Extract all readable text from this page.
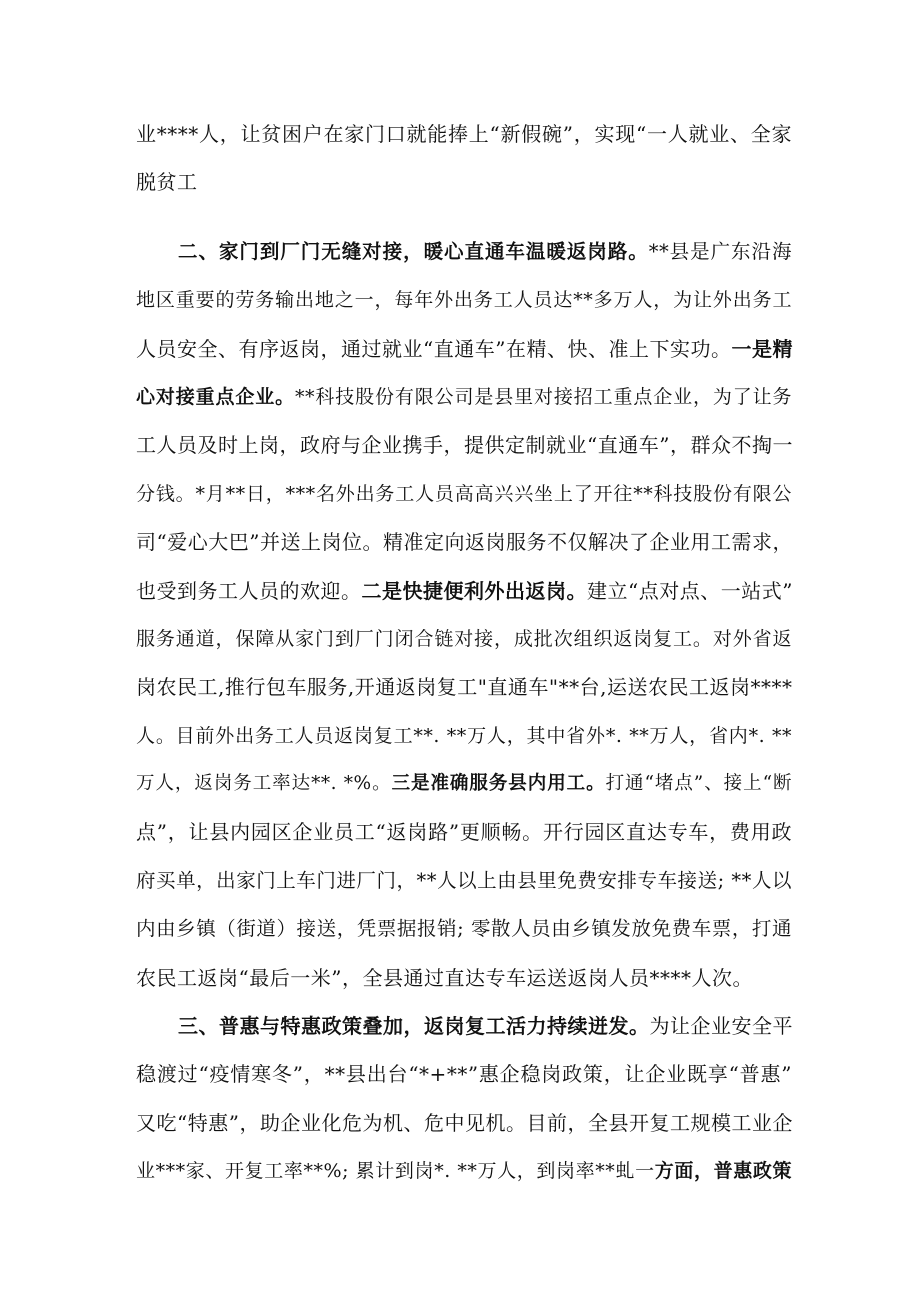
业****人，让贫困户在家门口就能捧上“新假碗”，实现“一人就业、全家
脱贫工
二、家门到厂门无缝对接，暖心直通车温暖返岗路。**县是广东沿海
地区重要的劳务输出地之一，每年外出务工人员达**多万人，为让外出务工
人员安全、有序返岗，通过就业“直通车”在精、快、准上下实功。一是精
心对接重点企业。**科技股份有限公司是县里对接招工重点企业，为了让务
工人员及时上岗，政府与企业携手，提供定制就业“直通车”，群众不掏一
分钱。*月**日，***名外出务工人员高高兴兴坐上了开往**科技股份有限公
司“爱心大巴”并送上岗位。精准定向返岗服务不仅解决了企业用工需求，
也受到务工人员的欢迎。二是快捷便利外出返岗。建立“点对点、一站式”
服务通道，保障从家门到厂门闭合链对接，成批次组织返岗复工。对外省返
岗农民工,推行包车服务,开通返岗复工"直通车"**台,运送农民工返岗****
人。目前外出务工人员返岗复工**. **万人，其中省外*. **万人，省内*. **
万人，返岗务工率达**. *%。三是准确服务县内用工。打通“堵点”、接上“断
点”，让县内园区企业员工“返岗路”更顺畅。开行园区直达专车，费用政
府买单，出家门上车门进厂门，**人以上由县里免费安排专车接送; **人以
内由乡镇（街道）接送，凭票据报销; 零散人员由乡镇发放免费车票，打通
农民工返岗“最后一米”，全县通过直达专车运送返岗人员****人次。
三、普惠与特惠政策叠加，返岗复工活力持续迸发。为让企业安全平
稳渡过“疫情寒冬”，**县出台“*+**”惠企稳岗政策，让企业既享“普惠”
又吃“特惠”，助企业化危为机、危中见机。目前，全县开复工规模工业企
业***家、开复工率**%; 累计到岗*. **万人，到岗率**虬一方面，普惠政策
